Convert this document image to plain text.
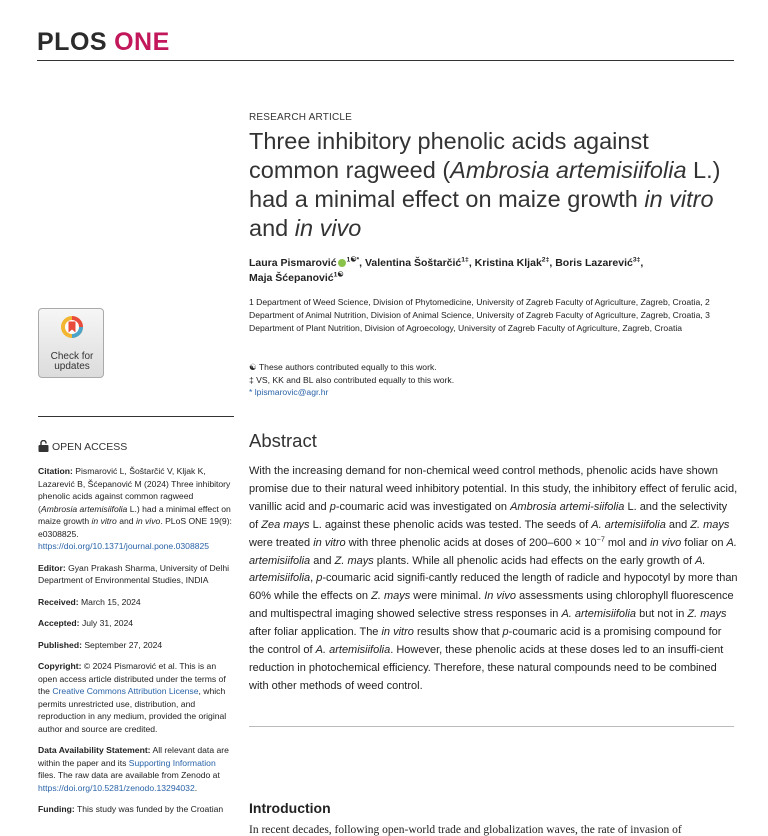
PLOS ONE
Check for
updates
OPEN ACCESS

Citation: Pismarović L, Šoštarčić V, Kljak K, Lazarević B, Šćepanović M (2024) Three inhibitory phenolic acids against common ragweed (Ambrosia artemisiifolia L.) had a minimal effect on maize growth in vitro and in vivo. PLoS ONE 19(9): e0308825. https://doi.org/10.1371/journal.pone.0308825

Editor: Gyan Prakash Sharma, University of Delhi Department of Environmental Studies, INDIA

Received: March 15, 2024

Accepted: July 31, 2024

Published: September 27, 2024

Copyright: © 2024 Pismarović et al. This is an open access article distributed under the terms of the Creative Commons Attribution License, which permits unrestricted use, distribution, and reproduction in any medium, provided the original author and source are credited.

Data Availability Statement: All relevant data are within the paper and its Supporting Information files. The raw data are available from Zenodo at https://doi.org/10.5281/zenodo.13294032.

Funding: This study was funded by the Croatian

RESEARCH ARTICLE
Three inhibitory phenolic acids against common ragweed (Ambrosia artemisiifolia L.) had a minimal effect on maize growth in vitro and in vivo
Laura Pismarović $^{1☯*}$, Valentina Šoštarčić$^{1\ddagger}$, Kristina Kljak$^{2\ddagger}$, Boris Lazarević$^{3\ddagger}$,
Maja Šćepanović$^{1☯}$
1 Department of Weed Science, Division of Phytomedicine, University of Zagreb Faculty of Agriculture, Zagreb, Croatia, 2 Department of Animal Nutrition, Division of Animal Science, University of Zagreb Faculty of Agriculture, Zagreb, Croatia, 3 Department of Plant Nutrition, Division of Agroecology, University of Zagreb Faculty of Agriculture, Zagreb, Croatia
☯ These authors contributed equally to this work.
‡ VS, KK and BL also contributed equally to this work.
* lpismarovic@agr.hr
Abstract
With the increasing demand for non-chemical weed control methods, phenolic acids have shown promise due to their natural weed inhibitory potential. In this study, the inhibitory effect of ferulic acid, vanillic acid and p-coumaric acid was investigated on Ambrosia artemi-siifolia L. and the selectivity of Zea mays L. against these phenolic acids was tested. The seeds of A. artemisiifolia and Z. mays were treated in vitro with three phenolic acids at doses of $200-600 \times 10^{-7}$ mol and in vivo foliar on A. artemisiifolia and Z. mays plants. While all phenolic acids had effects on the early growth of A. artemisiifolia, p-coumaric acid signifi-cantly reduced the length of radicle and hypocotyl by more than 60% while the effects on Z. mays were minimal. In vivo assessments using chlorophyll fluorescence and multispectral imaging showed selective stress responses in A. artemisiifolia but not in Z. mays after foliar application. The in vitro results show that p-coumaric acid is a promising compound for the control of A. artemisiifolia. However, these phenolic acids at these doses led to an insuffi-cient reduction in photochemical efficiency. Therefore, these natural compounds need to be combined with other methods of weed control.
Introduction
In recent decades, following open-world trade and globalization waves, the rate of invasion of
